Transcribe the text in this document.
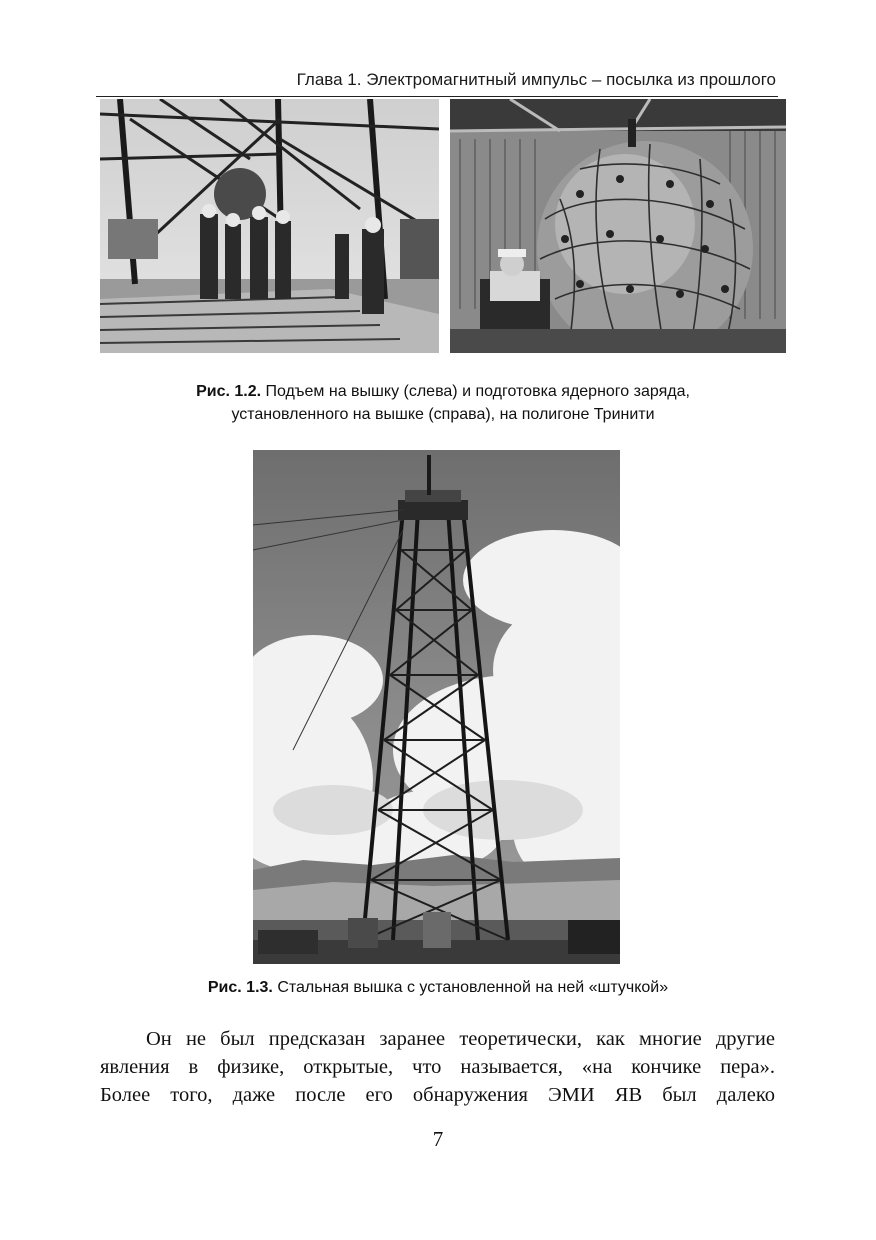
Глава 1. Электромагнитный импульс – посылка из прошлого
Рис. 1.2. Подъем на вышку (слева) и подготовка ядерного заряда,
установленного на вышке (справа), на полигоне Тринити
Рис. 1.3. Стальная вышка с установленной на ней «штучкой»
Он не был предсказан заранее теоретически, как многие другие
явления в физике, открытые, что называется, «на кончике пера».
Более того, даже после его обнаружения ЭМИ ЯВ был далеко
7
